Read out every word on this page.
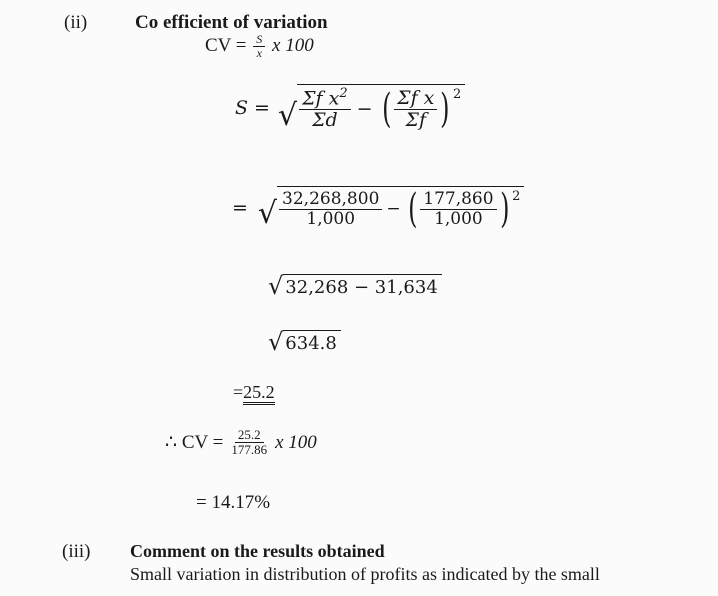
(ii)	Co efficient of variation
CV = $\frac{S}{x}$ x 100
S = √ $\frac{\Sigma f x^2}{\Sigma d}$ − ( $\frac{\text{Σf x}}{\Sigma f}$ ) 2
= √ $\frac{32,268,800}{1,000}$ − ( $\frac{177,860}{1,000}$ ) 2
√ 32,268 − 31,634
√ 634.8
=25.2
∴ CV = $\frac{25.2}{177.86}$ x 100
= 14.17%
(iii) Comment on the results obtained
Small variation in distribution of profits as indicated by the small
